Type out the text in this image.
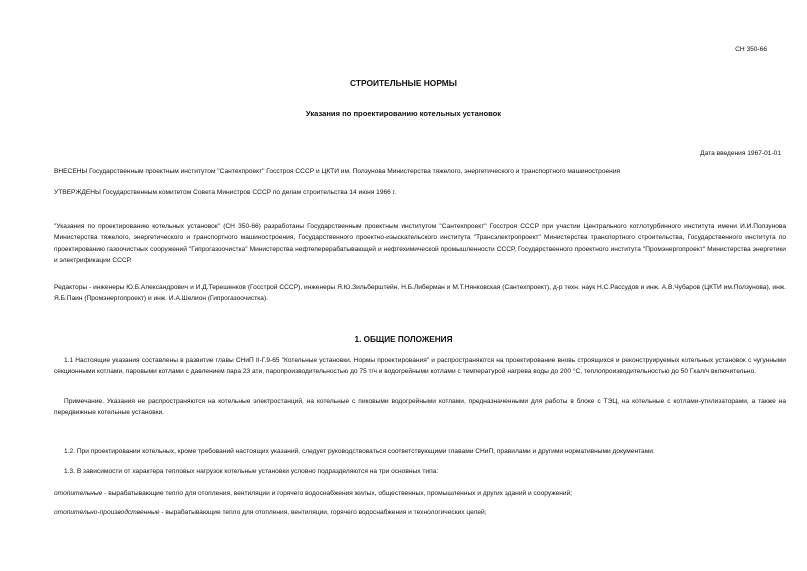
СН 350-66

СТРОИТЕЛЬНЫЕ НОРМЫ

Указания по проектированию котельных установок

Дата введения 1967-01-01

ВНЕСЕНЫ Государственным проектным институтом "Сантехпроект" Госстроя СССР и ЦКТИ им. Ползунова Министерства тяжелого, энергетического и транспортного машиностроения

УТВЕРЖДЕНЫ Государственным комитетом Совета Министров СССР по делам строительства 14 июня 1966 г.

"Указания по проектированию котельных установок" (СН 350-66) разработаны Государственным проектным институтом "Сантехпроект" Госстроя СССР при участии Центрального котлотурбинного института имени И.И.Ползунова Министерства тяжелого, энергетического и транспортного машиностроения, Государственного проектно-изыскательского института "Трансэлектропроект" Министерства транспортного строительства, Государственного института по проектированию газоочистных сооружений "Гипрогазоочистка" Министерства нефтеперерабатывающей и нефтехимической промышленности СССР, Государственного проектного института "Промэнергопроект" Министерства энергетики и электрификации СССР.

Редакторы - инженеры Ю.Б.Александрович и И.Д.Терешенков (Госстрой СССР), инженеры Я.Ю.Зильберштейн, Н.Б.Либерман и М.Т.Нянковская (Сантехпроект), д-р техн. наук Н.С.Рассудов и инж. А.В.Чубаров (ЦКТИ им.Ползунова), инж. Я.Б.Паин (Промэнергопроект) и инж. И.А.Шелион (Гипрогазоочистка).

1. ОБЩИЕ ПОЛОЖЕНИЯ

1.1 Настоящие указания составлены в развитие главы СНиП II-Г.9-65 "Котельные установки. Нормы проектирования" и распространяются на проектирование вновь строящихся и реконструируемых котельных установок с чугунными секционными котлами, паровыми котлами с давлением пара 23 ати, паропроизводительностью до 75 т/ч и водогрейными котлами с температурой нагрева воды до 200 °С, теплопроизводительностью до 50 Гкал/ч включительно.

Примечание. Указания не распространяются на котельные электростанций, на котельные с пиковыми водогрейными котлами, предназначенными для работы в блоке с ТЭЦ, на котельные с котлами-утилизаторами, а также на передвижные котельные установки.

1.2. При проектировании котельных, кроме требований настоящих указаний, следует руководствоваться соответствующими главами СНиП, правилами и другими нормативными документами.

1.3. В зависимости от характера тепловых нагрузок котельные установки условно подразделяются на три основных типа:

отопительные - вырабатывающие тепло для отопления, вентиляции и горячего водоснабжения жилых, общественных, промышленных и других зданий и сооружений;

отопительно-производственные - вырабатывающие тепло для отопления, вентиляции, горячего водоснабжения и технологических целей;
